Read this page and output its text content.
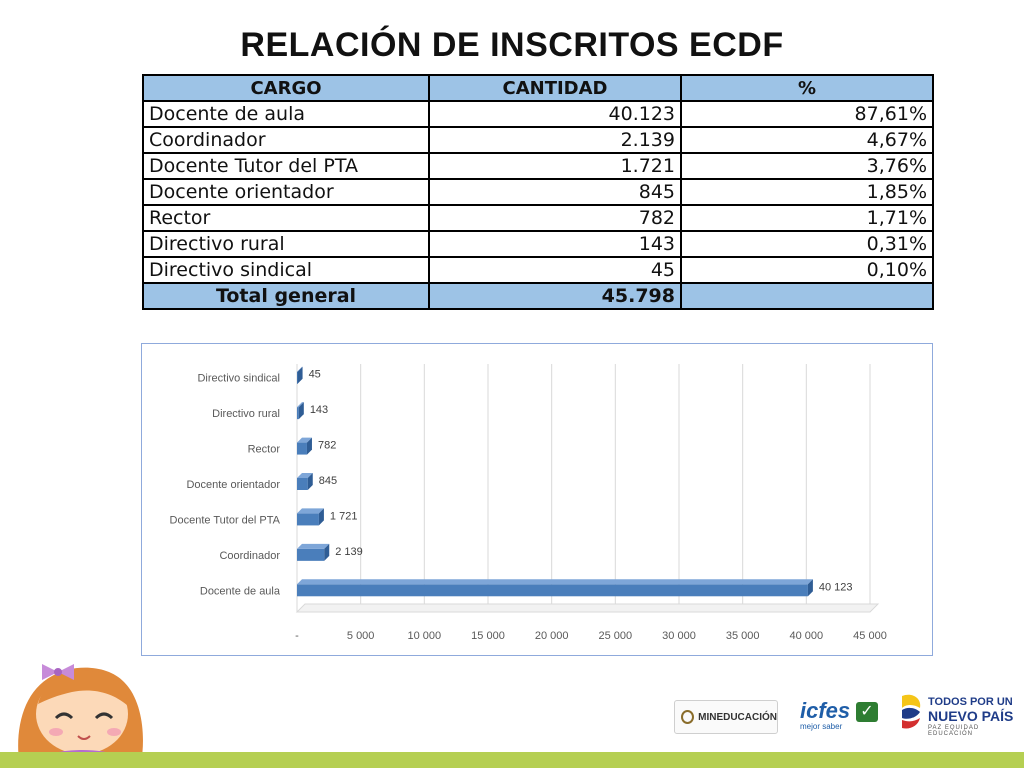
RELACIÓN DE INSCRITOS ECDF
CARGO	CANTIDAD	%
Docente de aula	40.123	87,61%
Coordinador	2.139	4,67%
Docente Tutor del PTA	1.721	3,76%
Docente orientador	845	1,85%
Rector	782	1,71%
Directivo rural	143	0,31%
Directivo sindical	45	0,10%
Total general	45.798	
-	5 000	10 000	15 000	20 000	25 000	30 000	35 000	40 000	45 000
Docente de aula	40 123
Coordinador	2 139
Docente Tutor del PTA	1 721
Docente orientador	845
Rector	782
Directivo rural	143
Directivo sindical	45
MINEDUCACIÓN icfes
mejor saber
✓
TODOS POR UN
NUEVO PAÍS
PAZ EQUIDAD EDUCACIÓN
